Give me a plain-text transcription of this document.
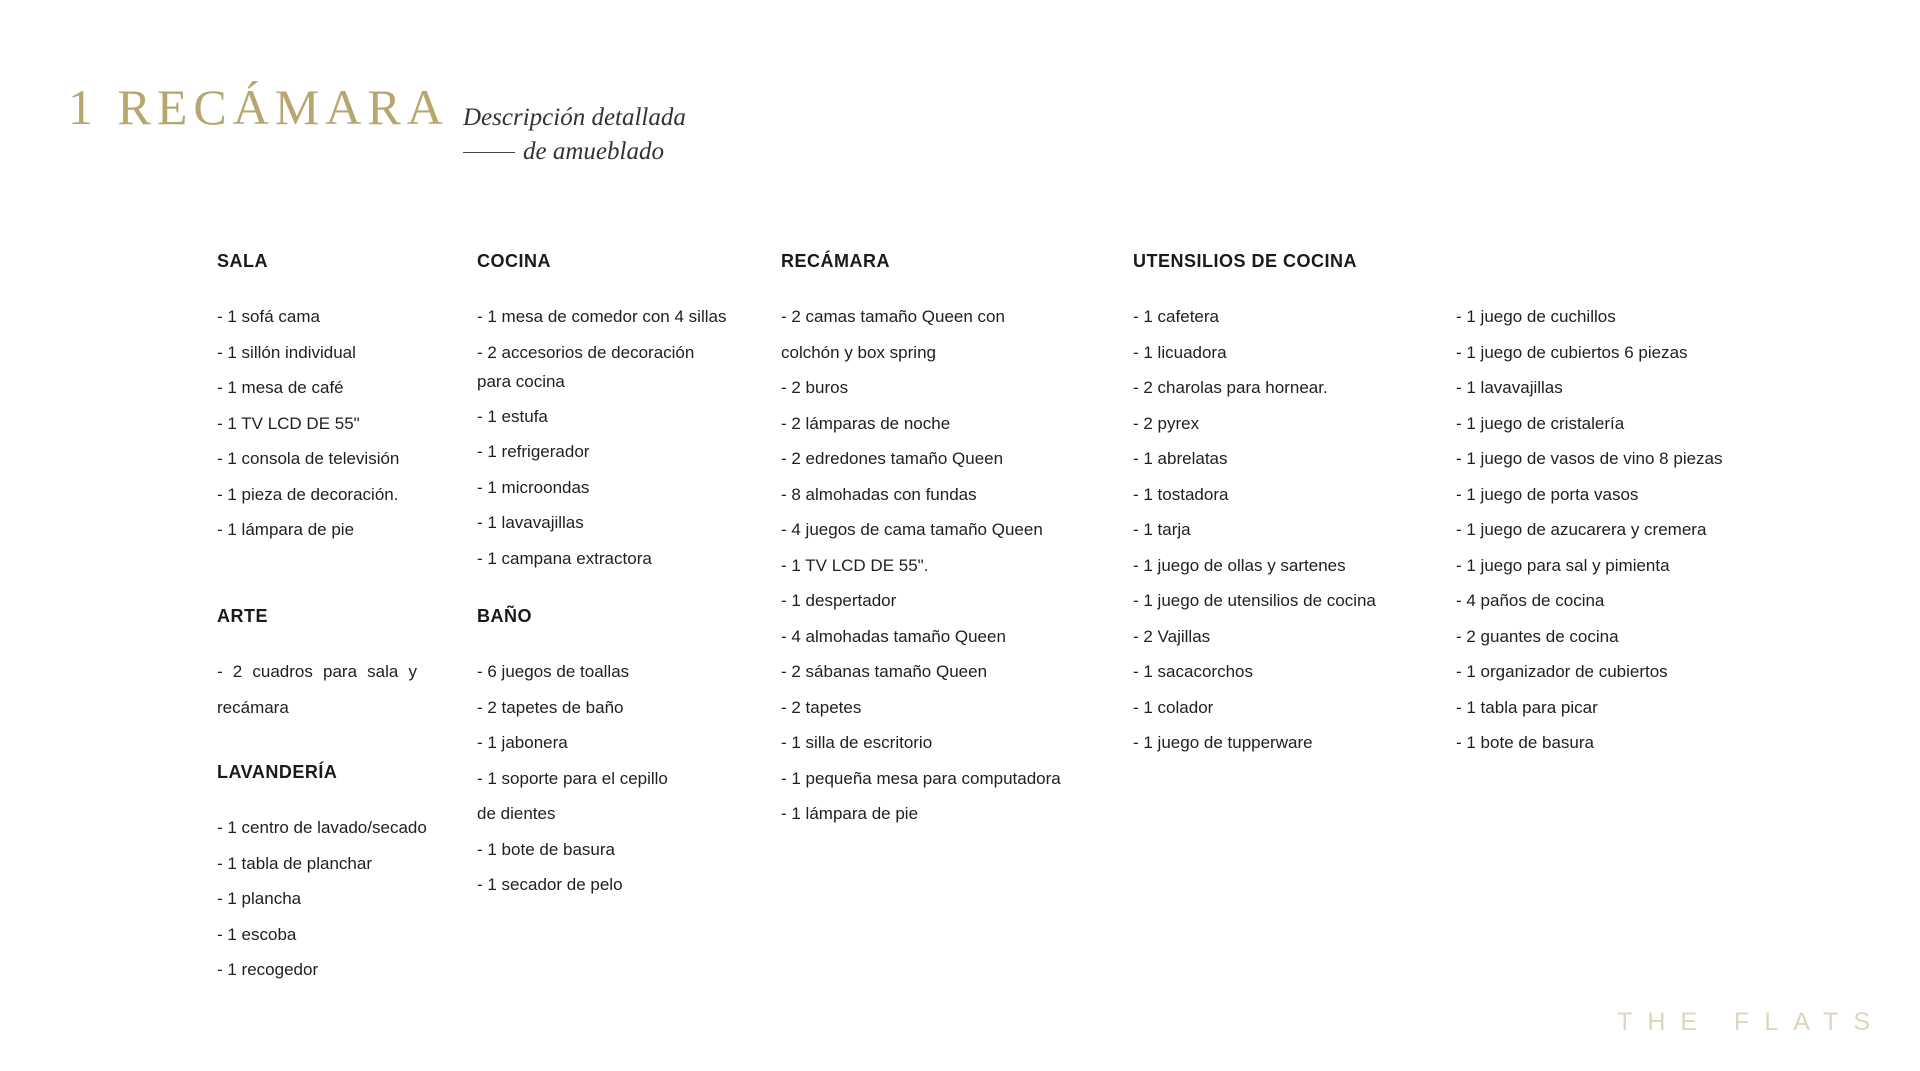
1 RECÁMARA Descripción detallada
de amueblado
SALA
- 1 sofá cama
- 1 sillón individual
- 1 mesa de café
- 1 TV LCD DE 55"
- 1 consola de televisión
- 1 pieza de decoración.
- 1 lámpara de pie
ARTE
- 2 cuadros para sala y recámara
LAVANDERÍA
- 1 centro de lavado/secado
- 1 tabla de planchar
- 1 plancha
- 1 escoba
- 1 recogedor
COCINA
- 1 mesa de comedor con 4 sillas
- 2 accesorios de decoración para cocina
- 1 estufa
- 1 refrigerador
- 1 microondas
- 1 lavavajillas
- 1 campana extractora
BAÑO
- 6 juegos de toallas
- 2 tapetes de baño
- 1 jabonera
- 1 soporte para el cepillo de dientes
- 1 bote de basura
- 1 secador de pelo
RECÁMARA
- 2 camas tamaño Queen con colchón y box spring
- 2 buros
- 2 lámparas de noche
- 2 edredones tamaño Queen
- 8 almohadas con fundas
- 4 juegos de cama tamaño Queen
- 1 TV LCD DE 55".
- 1 despertador
- 4 almohadas tamaño Queen
- 2 sábanas tamaño Queen
- 2 tapetes
- 1 silla de escritorio
- 1 pequeña mesa para computadora
- 1 lámpara de pie
UTENSILIOS DE COCINA
- 1 cafetera
- 1 licuadora
- 2 charolas para hornear.
- 2 pyrex
- 1 abrelatas
- 1 tostadora
- 1 tarja
- 1 juego de ollas y sartenes
- 1 juego de utensilios de cocina
- 2 Vajillas
- 1 sacacorchos
- 1 colador
- 1 juego de tupperware
- 1 juego de cuchillos
- 1 juego de cubiertos 6 piezas
- 1 lavavajillas
- 1 juego de cristalería
- 1 juego de vasos de vino 8 piezas
- 1 juego de porta vasos
- 1 juego de azucarera y cremera
- 1 juego para sal y pimienta
- 4 paños de cocina
- 2 guantes de cocina
- 1 organizador de cubiertos
- 1 tabla para picar
- 1 bote de basura
THE FLATS
